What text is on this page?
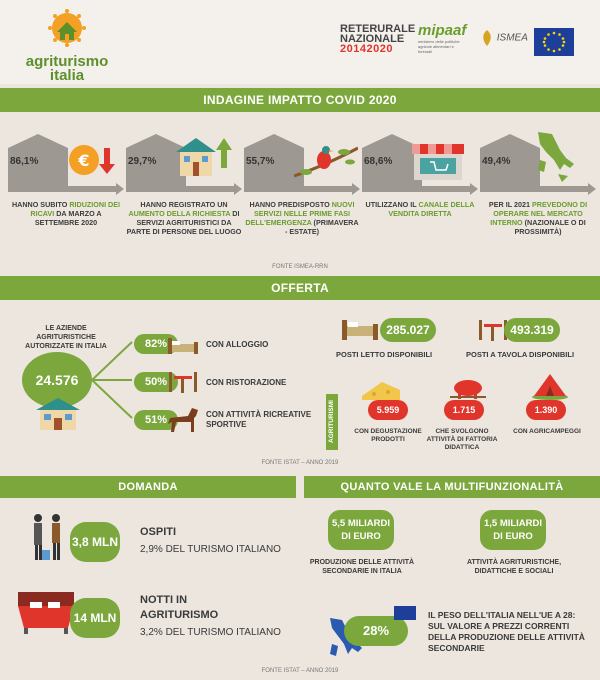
agriturismo
italia
RETERURALE
NAZIONALE
20142020
mipaaf
ministero delle politiche agricole alimentari e forestali
ISMEA
INDAGINE IMPATTO COVID 2020
86,1%	€
HANNO SUBITO RIDUZIONI DEI RICAVI DA MARZO A SETTEMBRE 2020
29,7%
HANNO REGISTRATO UN AUMENTO DELLA RICHIESTA DI SERVIZI AGRITURISTICI DA PARTE DI PERSONE DEL LUOGO
55,7%
HANNO PREDISPOSTO NUOVI SERVIZI NELLE PRIME FASI DELL'EMERGENZA (PRIMAVERA - ESTATE)
68,6%
UTILIZZANO IL CANALE DELLA VENDITA DIRETTA
49,4%
PER IL 2021 PREVEDONO DI OPERARE NEL MERCATO INTERNO (NAZIONALE O DI PROSSIMITÀ)
FONTE ISMEA-RRN
OFFERTA
LE AZIENDE AGRITURISTICHE AUTORIZZATE IN ITALIA
24.576
82%	CON ALLOGGIO
50%	CON RISTORAZIONE
51%	CON ATTIVITÀ RICREATIVE SPORTIVE
285.027
POSTI LETTO DISPONIBILI
493.319
POSTI A TAVOLA DISPONIBILI
AGRITURISMI	5.959
CON DEGUSTAZIONE PRODOTTI
1.715
CHE SVOLGONO ATTIVITÀ DI FATTORIA DIDATTICA
1.390
CON AGRICAMPEGGI
FONTE ISTAT – ANNO 2019
DOMANDA	QUANTO VALE LA MULTIFUNZIONALITÀ
3,8 MLN
OSPITI
2,9% DEL TURISMO ITALIANO
14 MLN
NOTTI IN
AGRITURISMO
3,2% DEL TURISMO ITALIANO
5,5 MILIARDI DI EURO
PRODUZIONE DELLE ATTIVITÀ SECONDARIE IN ITALIA
1,5 MILIARDI DI EURO
ATTIVITÀ AGRITURISTICHE, DIDATTICHE E SOCIALI
28%
IL PESO DELL'ITALIA NELL'UE A 28: SUL VALORE A PREZZI CORRENTI DELLA PRODUZIONE DELLE ATTIVITÀ SECONDARIE
FONTE ISTAT – ANNO 2019
